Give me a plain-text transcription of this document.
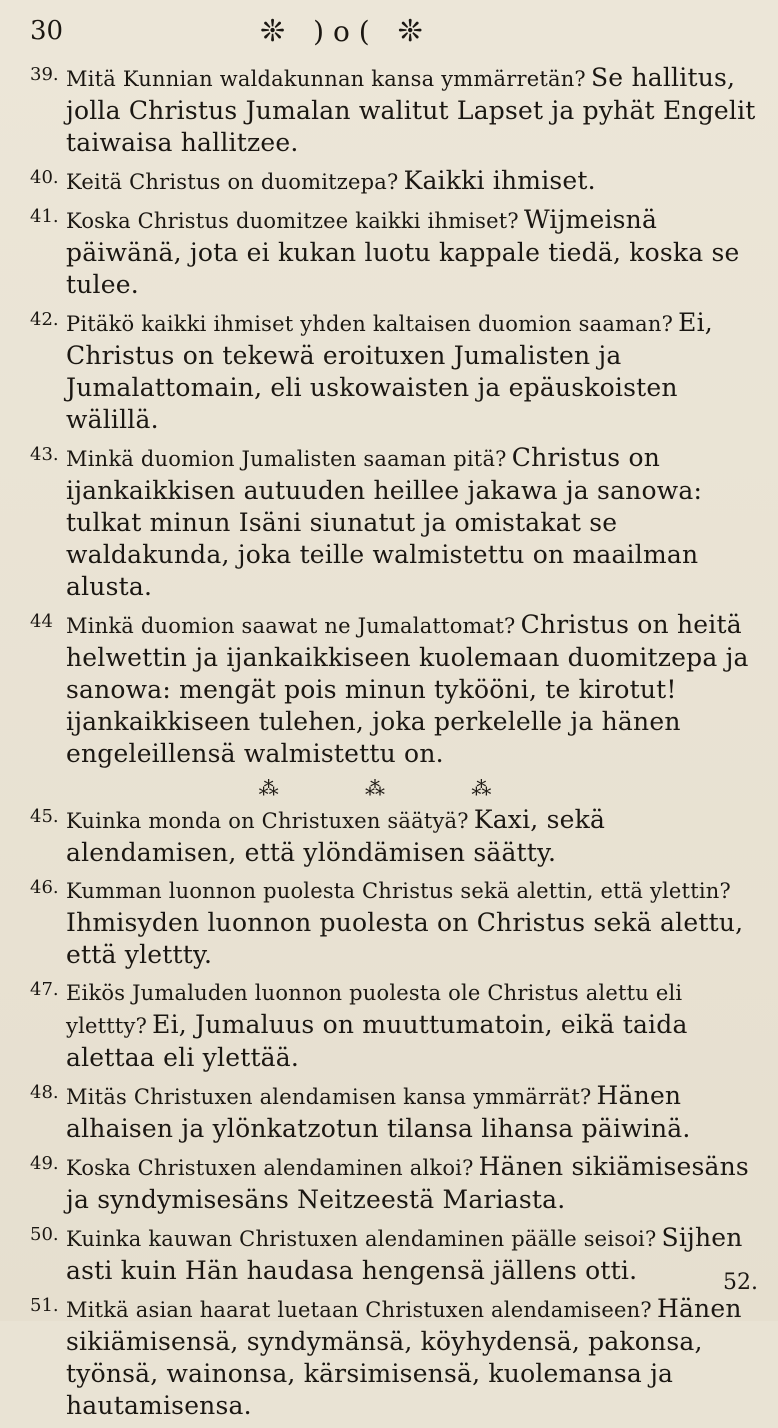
30	❊ ) o ( ❊
39. Mitä Kunnian waldakunnan kansa ymmärretän? Se hallitus, jolla Christus Jumalan walitut Lapset ja pyhät Engelit taiwaisa hallitzee.
40. Keitä Christus on duomitzepa? Kaikki ihmiset.
41. Koska Christus duomitzee kaikki ihmiset? Wijmeisnä päiwänä, jota ei kukan luotu kappale tiedä, koska se tulee.
42. Pitäkö kaikki ihmiset yhden kaltaisen duomion saaman? Ei, Christus on tekewä eroituxen Jumalisten ja Jumalattomain, eli uskowaisten ja epäuskoisten wälillä.
43. Minkä duomion Jumalisten saaman pitä? Christus on ijankaikkisen autuuden heillee jakawa ja sanowa: tulkat minun Isäni siunatut ja omistakat se waldakunda, joka teille walmistettu on maailman alusta.
44 Minkä duomion saawat ne Jumalattomat? Christus on heitä helwettin ja ijankaikkiseen kuolemaan duomitzepa ja sanowa: mengät pois minun tykööni, te kirotut! ijankaikkiseen tulehen, joka perkelelle ja hänen engeleillensä walmistettu on.
⁂ ⁂ ⁂
45. Kuinka monda on Christuxen säätyä? Kaxi, sekä alendamisen, että ylöndämisen säätty.
46. Kumman luonnon puolesta Christus sekä alettin, että ylettin? Ihmisyden luonnon puolesta on Christus sekä alettu, että ylettty.
47. Eikös Jumaluden luonnon puolesta ole Christus alettu eli ylettty? Ei, Jumaluus on muuttumatoin, eikä taida alettaa eli ylettää.
48. Mitäs Christuxen alendamisen kansa ymmärrät? Hänen alhaisen ja ylönkatzotun tilansa lihansa päiwinä.
49. Koska Christuxen alendaminen alkoi? Hänen sikiämisesäns ja syndymisesäns Neitzeestä Mariasta.
50. Kuinka kauwan Christuxen alendaminen päälle seisoi? Sijhen asti kuin Hän haudasa hengensä jällens otti.
51. Mitkä asian haarat luetaan Christuxen alendamiseen? Hänen sikiämisensä, syndymänsä, köyhydensä, pakonsa, työnsä, wainonsa, kärsimisensä, kuolemansa ja hautamisensa.
52.
